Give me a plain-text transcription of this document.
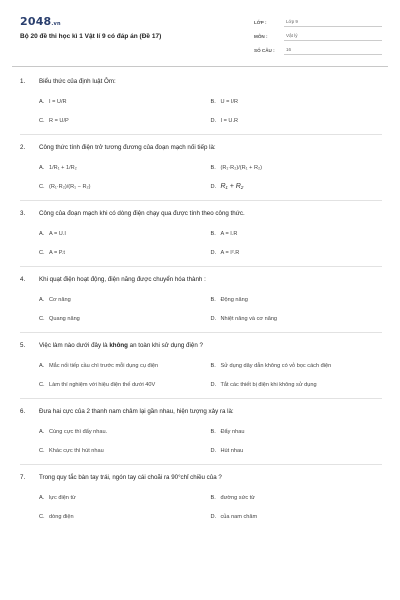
2048.vn
Bộ 20 đề thi học kì 1 Vật lí 9 có đáp án (Đề 17)
LỚP :	Lớp 9
MÔN :	Vật lý
SỐ CÂU :	16
1.	Biểu thức của định luật Ôm:
A. I = U/R	B. U = I/R
C. R = U/P	D. I = U.R
2.	Công thức tính điện trở tương đương của đoạn mạch nối tiếp là:
A. 1/R₁ + 1/R₂	B. (R₁·R₂)/(R₁ + R₂)
C. (R₁·R₂)/(R₁ − R₂)	D. R₁ + R₂
3.	Công của đoạn mạch khi có dòng điện chạy qua được tính theo công thức.
A. A = U.I	B. A = I.R
C. A = P.t	D. A = I².R
4.	Khi quạt điện hoạt động, điện năng được chuyển hóa thành :
A. Cơ năng	B. Động năng
C. Quang năng	D. Nhiệt năng và cơ năng
5.	Việc làm nào dưới đây là không an toàn khi sử dụng điện ?
A. Mắc nối tiếp cầu chì trước mỗi dụng cụ điện	B. Sử dụng dây dẫn không có vỏ bọc cách điện
C. Làm thí nghiệm với hiệu điện thế dưới 40V	D. Tắt các thiết bị điện khi không sử dụng
6.	Đưa hai cực của 2 thanh nam châm lại gần nhau, hiện tượng xảy ra là:
A. Cùng cực thì đẩy nhau.	B. Đẩy nhau
C. Khác cực thì hút nhau	D. Hút nhau
7.	Trong quy tắc bàn tay trái, ngón tay cái choãi ra 90°chỉ chiều của ?
A. lực điện từ	B. đường sức từ
C. dòng điện	D. của nam châm
